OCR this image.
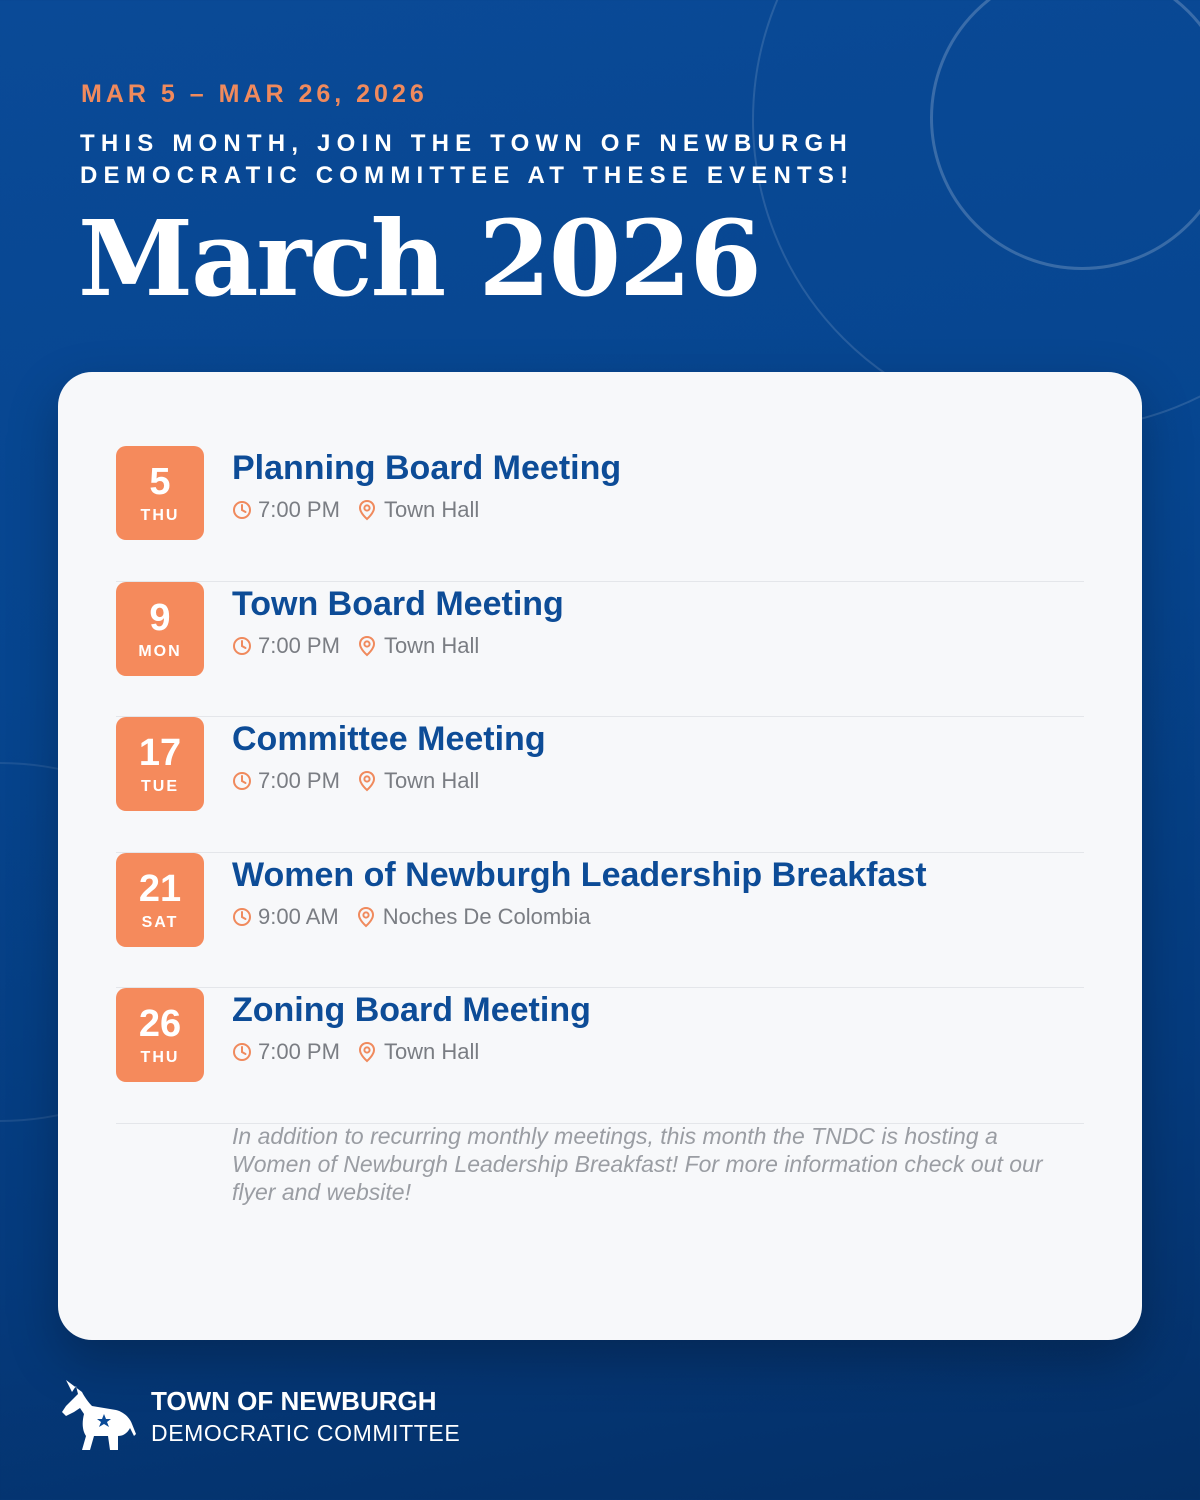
MAR 5 – MAR 26, 2026
THIS MONTH, JOIN THE TOWN OF NEWBURGH
DEMOCRATIC COMMITTEE AT THESE EVENTS!
March 2026
5
THU
Planning Board Meeting
7:00 PM Town Hall
9
MON
Town Board Meeting
7:00 PM Town Hall
17
TUE
Committee Meeting
7:00 PM Town Hall
21
SAT
Women of Newburgh Leadership Breakfast
9:00 AM Noches De Colombia
26
THU
Zoning Board Meeting
7:00 PM Town Hall
In addition to recurring monthly meetings, this month the TNDC is hosting a Women of Newburgh Leadership Breakfast! For more information check out our flyer and website!
TOWN OF NEWBURGH
DEMOCRATIC COMMITTEE
